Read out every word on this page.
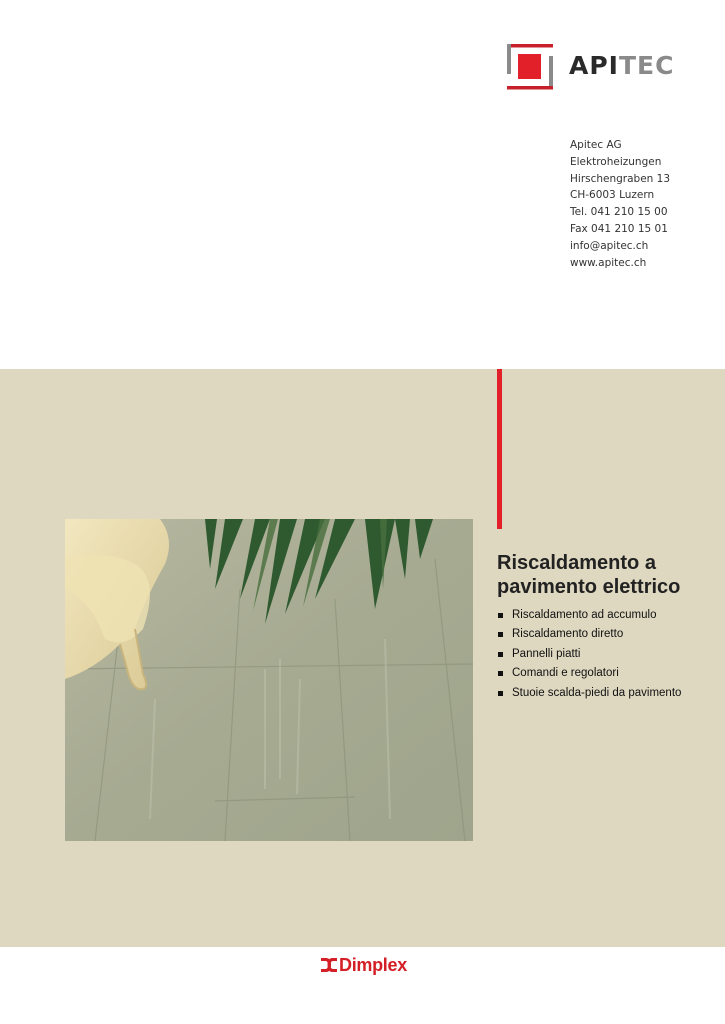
APITEC
Apitec AG
Elektroheizungen
Hirschengraben 13
CH-6003 Luzern
Tel. 041 210 15 00
Fax 041 210 15 01
info@apitec.ch
www.apitec.ch
Riscaldamento a
pavimento elettrico
Riscaldamento ad accumulo
Riscaldamento diretto
Pannelli piatti
Comandi e regolatori
Stuoie scalda-piedi da pavimento
Dimplex
